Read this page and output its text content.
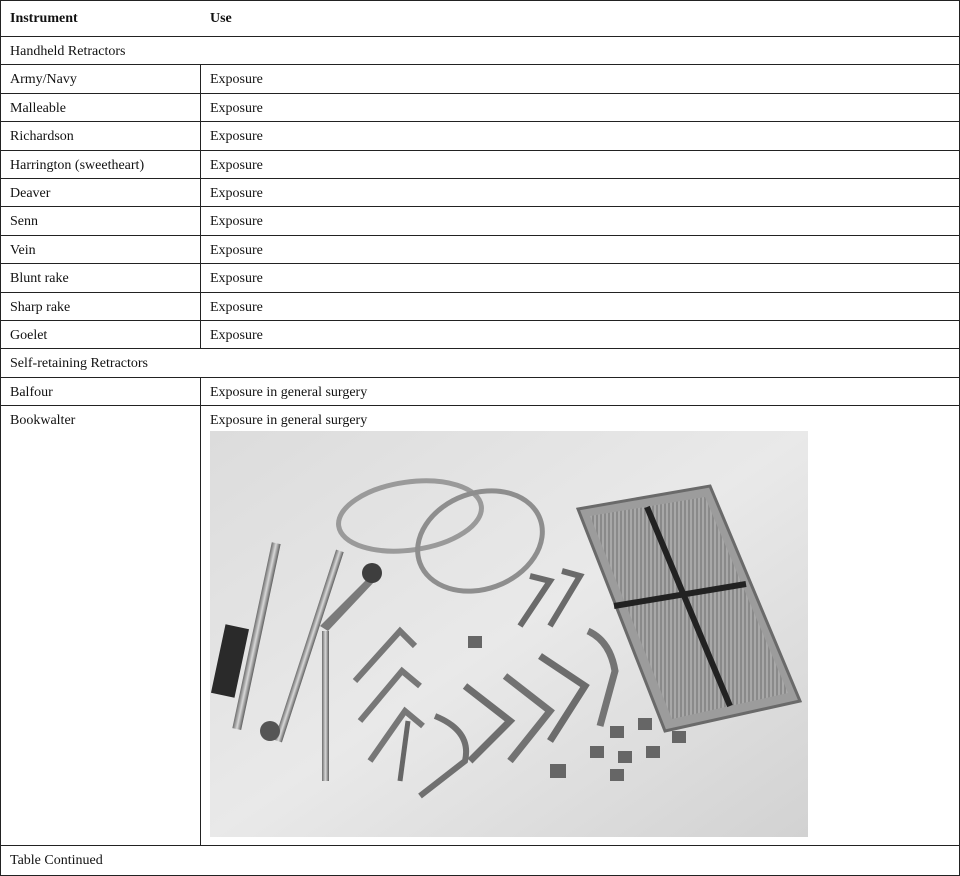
Instrument	Use
Handheld Retractors
Army/Navy	Exposure
Malleable	Exposure
Richardson	Exposure
Harrington (sweetheart)	Exposure
Deaver	Exposure
Senn	Exposure
Vein	Exposure
Blunt rake	Exposure
Sharp rake	Exposure
Goelet	Exposure
Self-retaining Retractors
Balfour	Exposure in general surgery
Bookwalter	Exposure in general surgery
Table Continued
